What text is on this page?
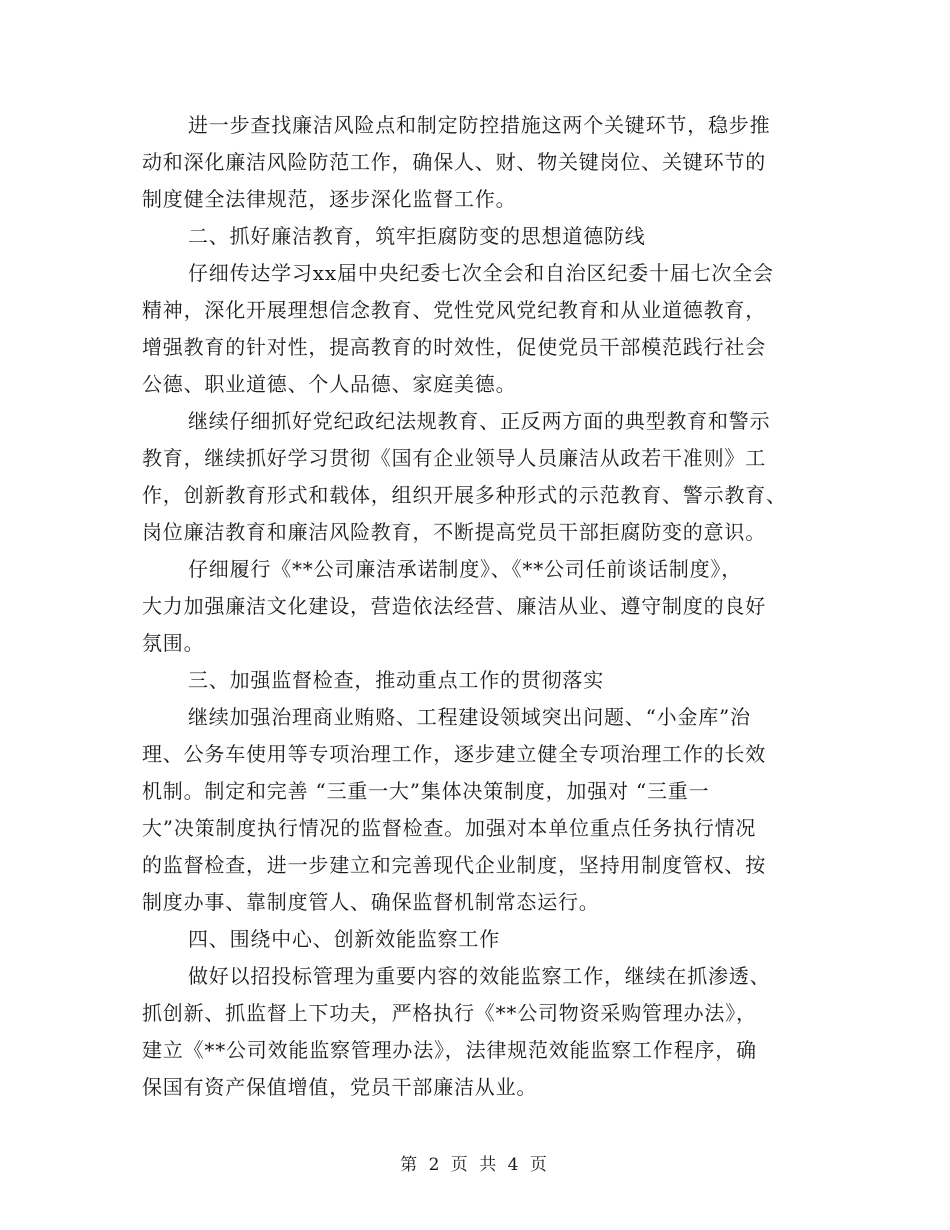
进一步查找廉洁风险点和制定防控措施这两个关键环节，稳步推
动和深化廉洁风险防范工作，确保人、财、物关键岗位、关键环节的
制度健全法律规范，逐步深化监督工作。
二、抓好廉洁教育，筑牢拒腐防变的思想道德防线
仔细传达学习xx届中央纪委七次全会和自治区纪委十届七次全会
精神，深化开展理想信念教育、党性党风党纪教育和从业道德教育，
增强教育的针对性，提高教育的时效性，促使党员干部模范践行社会
公德、职业道德、个人品德、家庭美德。
继续仔细抓好党纪政纪法规教育、正反两方面的典型教育和警示
教育，继续抓好学习贯彻《国有企业领导人员廉洁从政若干准则》工
作，创新教育形式和载体，组织开展多种形式的示范教育、警示教育、
岗位廉洁教育和廉洁风险教育，不断提高党员干部拒腐防变的意识。
仔细履行《**公司廉洁承诺制度》、《**公司任前谈话制度》，
大力加强廉洁文化建设，营造依法经营、廉洁从业、遵守制度的良好
氛围。
三、加强监督检查，推动重点工作的贯彻落实
继续加强治理商业贿赂、工程建设领域突出问题、“小金库”治
理、公务车使用等专项治理工作，逐步建立健全专项治理工作的长效
机制。制定和完善 “三重一大”集体决策制度，加强对 “三重一
大”决策制度执行情况的监督检查。加强对本单位重点任务执行情况
的监督检查，进一步建立和完善现代企业制度，坚持用制度管权、按
制度办事、靠制度管人、确保监督机制常态运行。
四、围绕中心、创新效能监察工作
做好以招投标管理为重要内容的效能监察工作，继续在抓渗透、
抓创新、抓监督上下功夫，严格执行《**公司物资采购管理办法》，
建立《**公司效能监察管理办法》，法律规范效能监察工作程序，确
保国有资产保值增值，党员干部廉洁从业。
第 2 页 共 4 页
